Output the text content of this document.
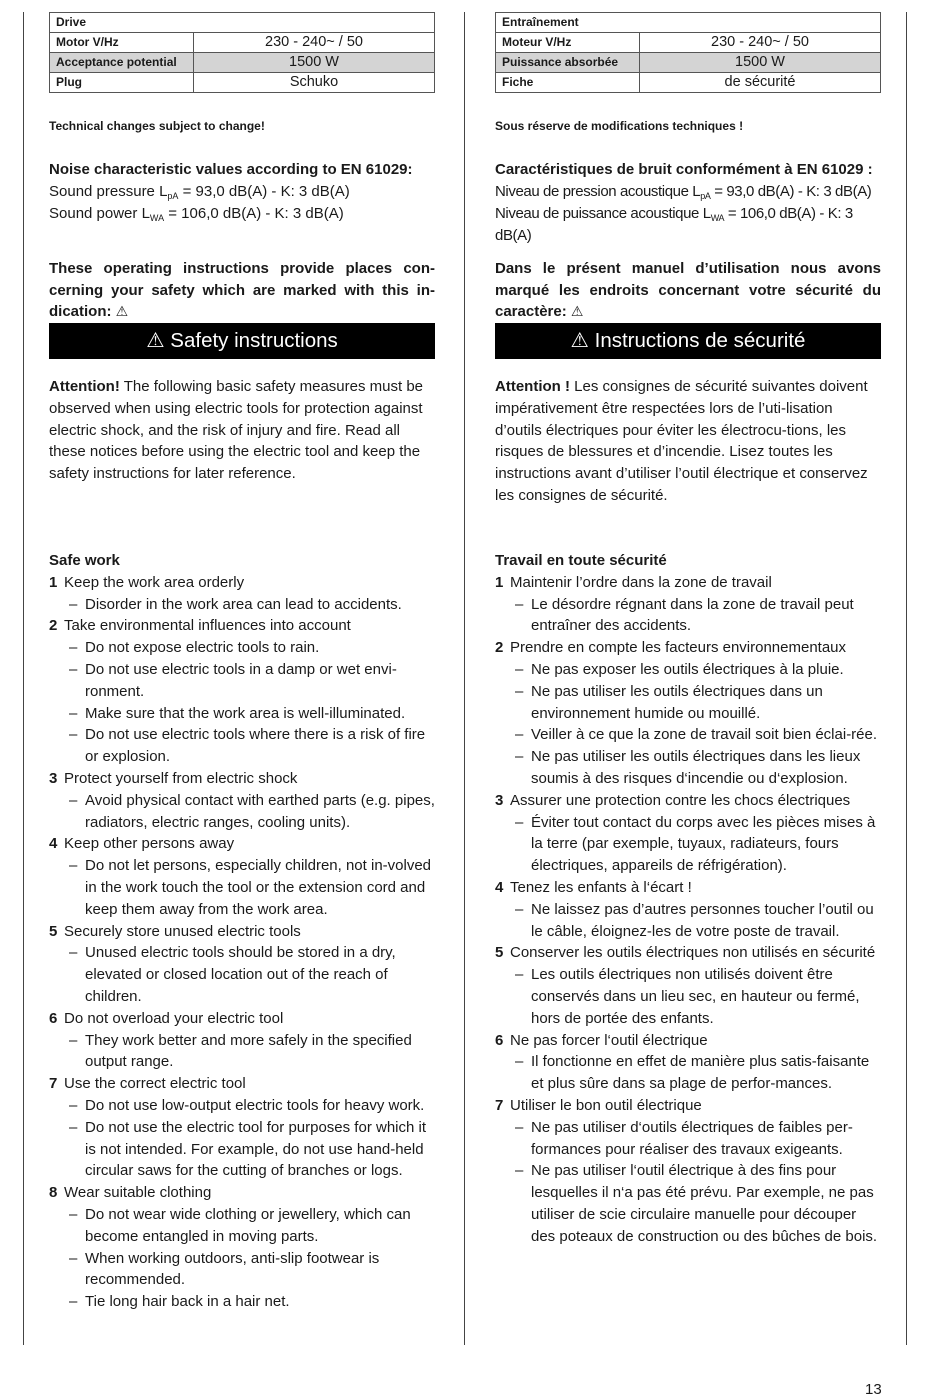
Drive	
Motor V/Hz	230 - 240~ / 50
Acceptance potential	1500 W
Plug	Schuko
Technical changes subject to change!
Noise characteristic values according to EN 61029:
Sound pressure $L_{pA} = 93,0$ dB(A) - K: 3 dB(A)
Sound power $L_{WA} = 106,0$ dB(A) - K: 3 dB(A)
These operating instructions provide places con-cerning your safety which are marked with this in-dication: ⚠
⚠ Safety instructions
Attention! The following basic safety measures must be observed when using electric tools for protection against electric shock, and the risk of injury and fire. Read all these notices before using the electric tool and keep the safety instructions for later reference.
Safe work
1 Keep the work area orderly
– Disorder in the work area can lead to accidents.
2 Take environmental influences into account
– Do not expose electric tools to rain.
– Do not use electric tools in a damp or wet envi-ronment.
– Make sure that the work area is well-illuminated.
– Do not use electric tools where there is a risk of fire or explosion.
3 Protect yourself from electric shock
– Avoid physical contact with earthed parts (e.g. pipes, radiators, electric ranges, cooling units).
4 Keep other persons away
– Do not let persons, especially children, not in-volved in the work touch the tool or the extension cord and keep them away from the work area.
5 Securely store unused electric tools
– Unused electric tools should be stored in a dry, elevated or closed location out of the reach of children.
6 Do not overload your electric tool
– They work better and more safely in the specified output range.
7 Use the correct electric tool
– Do not use low-output electric tools for heavy work.
– Do not use the electric tool for purposes for which it is not intended. For example, do not use hand-held circular saws for the cutting of branches or logs.
8 Wear suitable clothing
– Do not wear wide clothing or jewellery, which can become entangled in moving parts.
– When working outdoors, anti-slip footwear is recommended.
– Tie long hair back in a hair net.
Entraînement	
Moteur V/Hz	230 - 240~ / 50
Puissance absorbée	1500 W
Fiche	de sécurité
Sous réserve de modifications techniques !
Caractéristiques de bruit conformément à EN 61029 :
Niveau de pression acoustique $L_{pA} = 93,0$ dB(A) - K: 3 dB(A)
Niveau de puissance acoustique $L_{WA} = 106,0$ dB(A) - K: 3 dB(A)
Dans le présent manuel d’utilisation nous avons marqué les endroits concernant votre sécurité du caractère: ⚠
⚠ Instructions de sécurité
Attention ! Les consignes de sécurité suivantes doivent impérativement être respectées lors de l’uti-lisation d’outils électriques pour éviter les électrocu-tions, les risques de blessures et d’incendie. Lisez toutes les instructions avant d’utiliser l’outil électrique et conservez les consignes de sécurité.
Travail en toute sécurité
1 Maintenir l’ordre dans la zone de travail
– Le désordre régnant dans la zone de travail peut entraîner des accidents.
2 Prendre en compte les facteurs environnementaux
– Ne pas exposer les outils électriques à la pluie.
– Ne pas utiliser les outils électriques dans un environnement humide ou mouillé.
– Veiller à ce que la zone de travail soit bien éclai-rée.
– Ne pas utiliser les outils électriques dans les lieux soumis à des risques d‘incendie ou d‘explosion.
3 Assurer une protection contre les chocs électriques
– Éviter tout contact du corps avec les pièces mises à la terre (par exemple, tuyaux, radiateurs, fours électriques, appareils de réfrigération).
4 Tenez les enfants à l‘écart !
– Ne laissez pas d’autres personnes toucher l’outil ou le câble, éloignez-les de votre poste de travail.
5 Conserver les outils électriques non utilisés en sécurité
– Les outils électriques non utilisés doivent être conservés dans un lieu sec, en hauteur ou fermé, hors de portée des enfants.
6 Ne pas forcer l‘outil électrique
– Il fonctionne en effet de manière plus satis-faisante et plus sûre dans sa plage de perfor-mances.
7 Utiliser le bon outil électrique
– Ne pas utiliser d‘outils électriques de faibles per-formances pour réaliser des travaux exigeants.
– Ne pas utiliser l‘outil électrique à des fins pour lesquelles il n‘a pas été prévu. Par exemple, ne pas utiliser de scie circulaire manuelle pour découper des poteaux de construction ou des bûches de bois.
13
